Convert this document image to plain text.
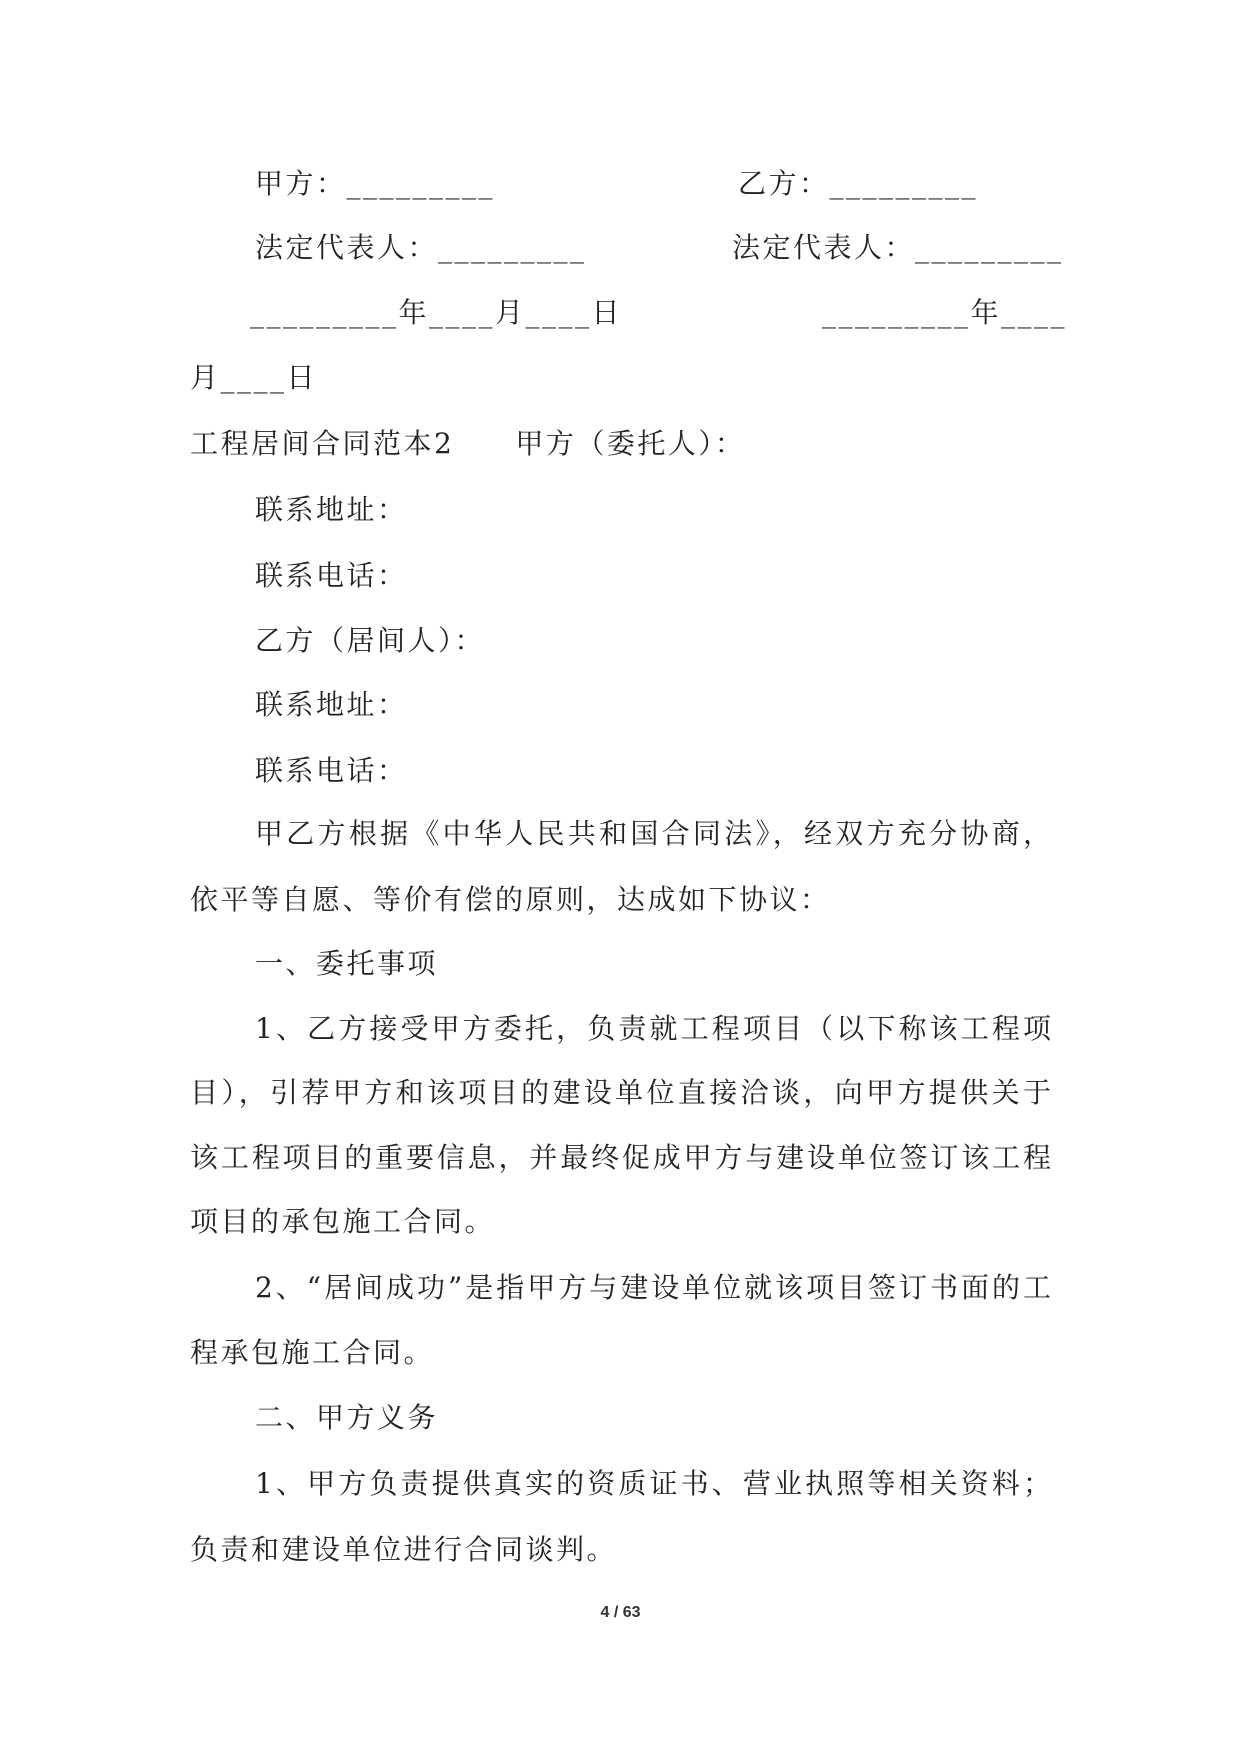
甲方：_________	乙方：_________
法定代表人：_________	法定代表人：_________
_________年____月____日	_________年____
月____日
工程居间合同范本2　　甲方（委托人）：
联系地址：
联系电话：
乙方（居间人）：
联系地址：
联系电话：
甲乙方根据《中华人民共和国合同法》，经双方充分协商，
依平等自愿、等价有偿的原则，达成如下协议：
一、委托事项
1、乙方接受甲方委托，负责就工程项目（以下称该工程项
目），引荐甲方和该项目的建设单位直接洽谈，向甲方提供关于
该工程项目的重要信息，并最终促成甲方与建设单位签订该工程
项目的承包施工合同。
2、“居间成功”是指甲方与建设单位就该项目签订书面的工
程承包施工合同。
二、甲方义务
1、甲方负责提供真实的资质证书、营业执照等相关资料；
负责和建设单位进行合同谈判。
4 / 63
